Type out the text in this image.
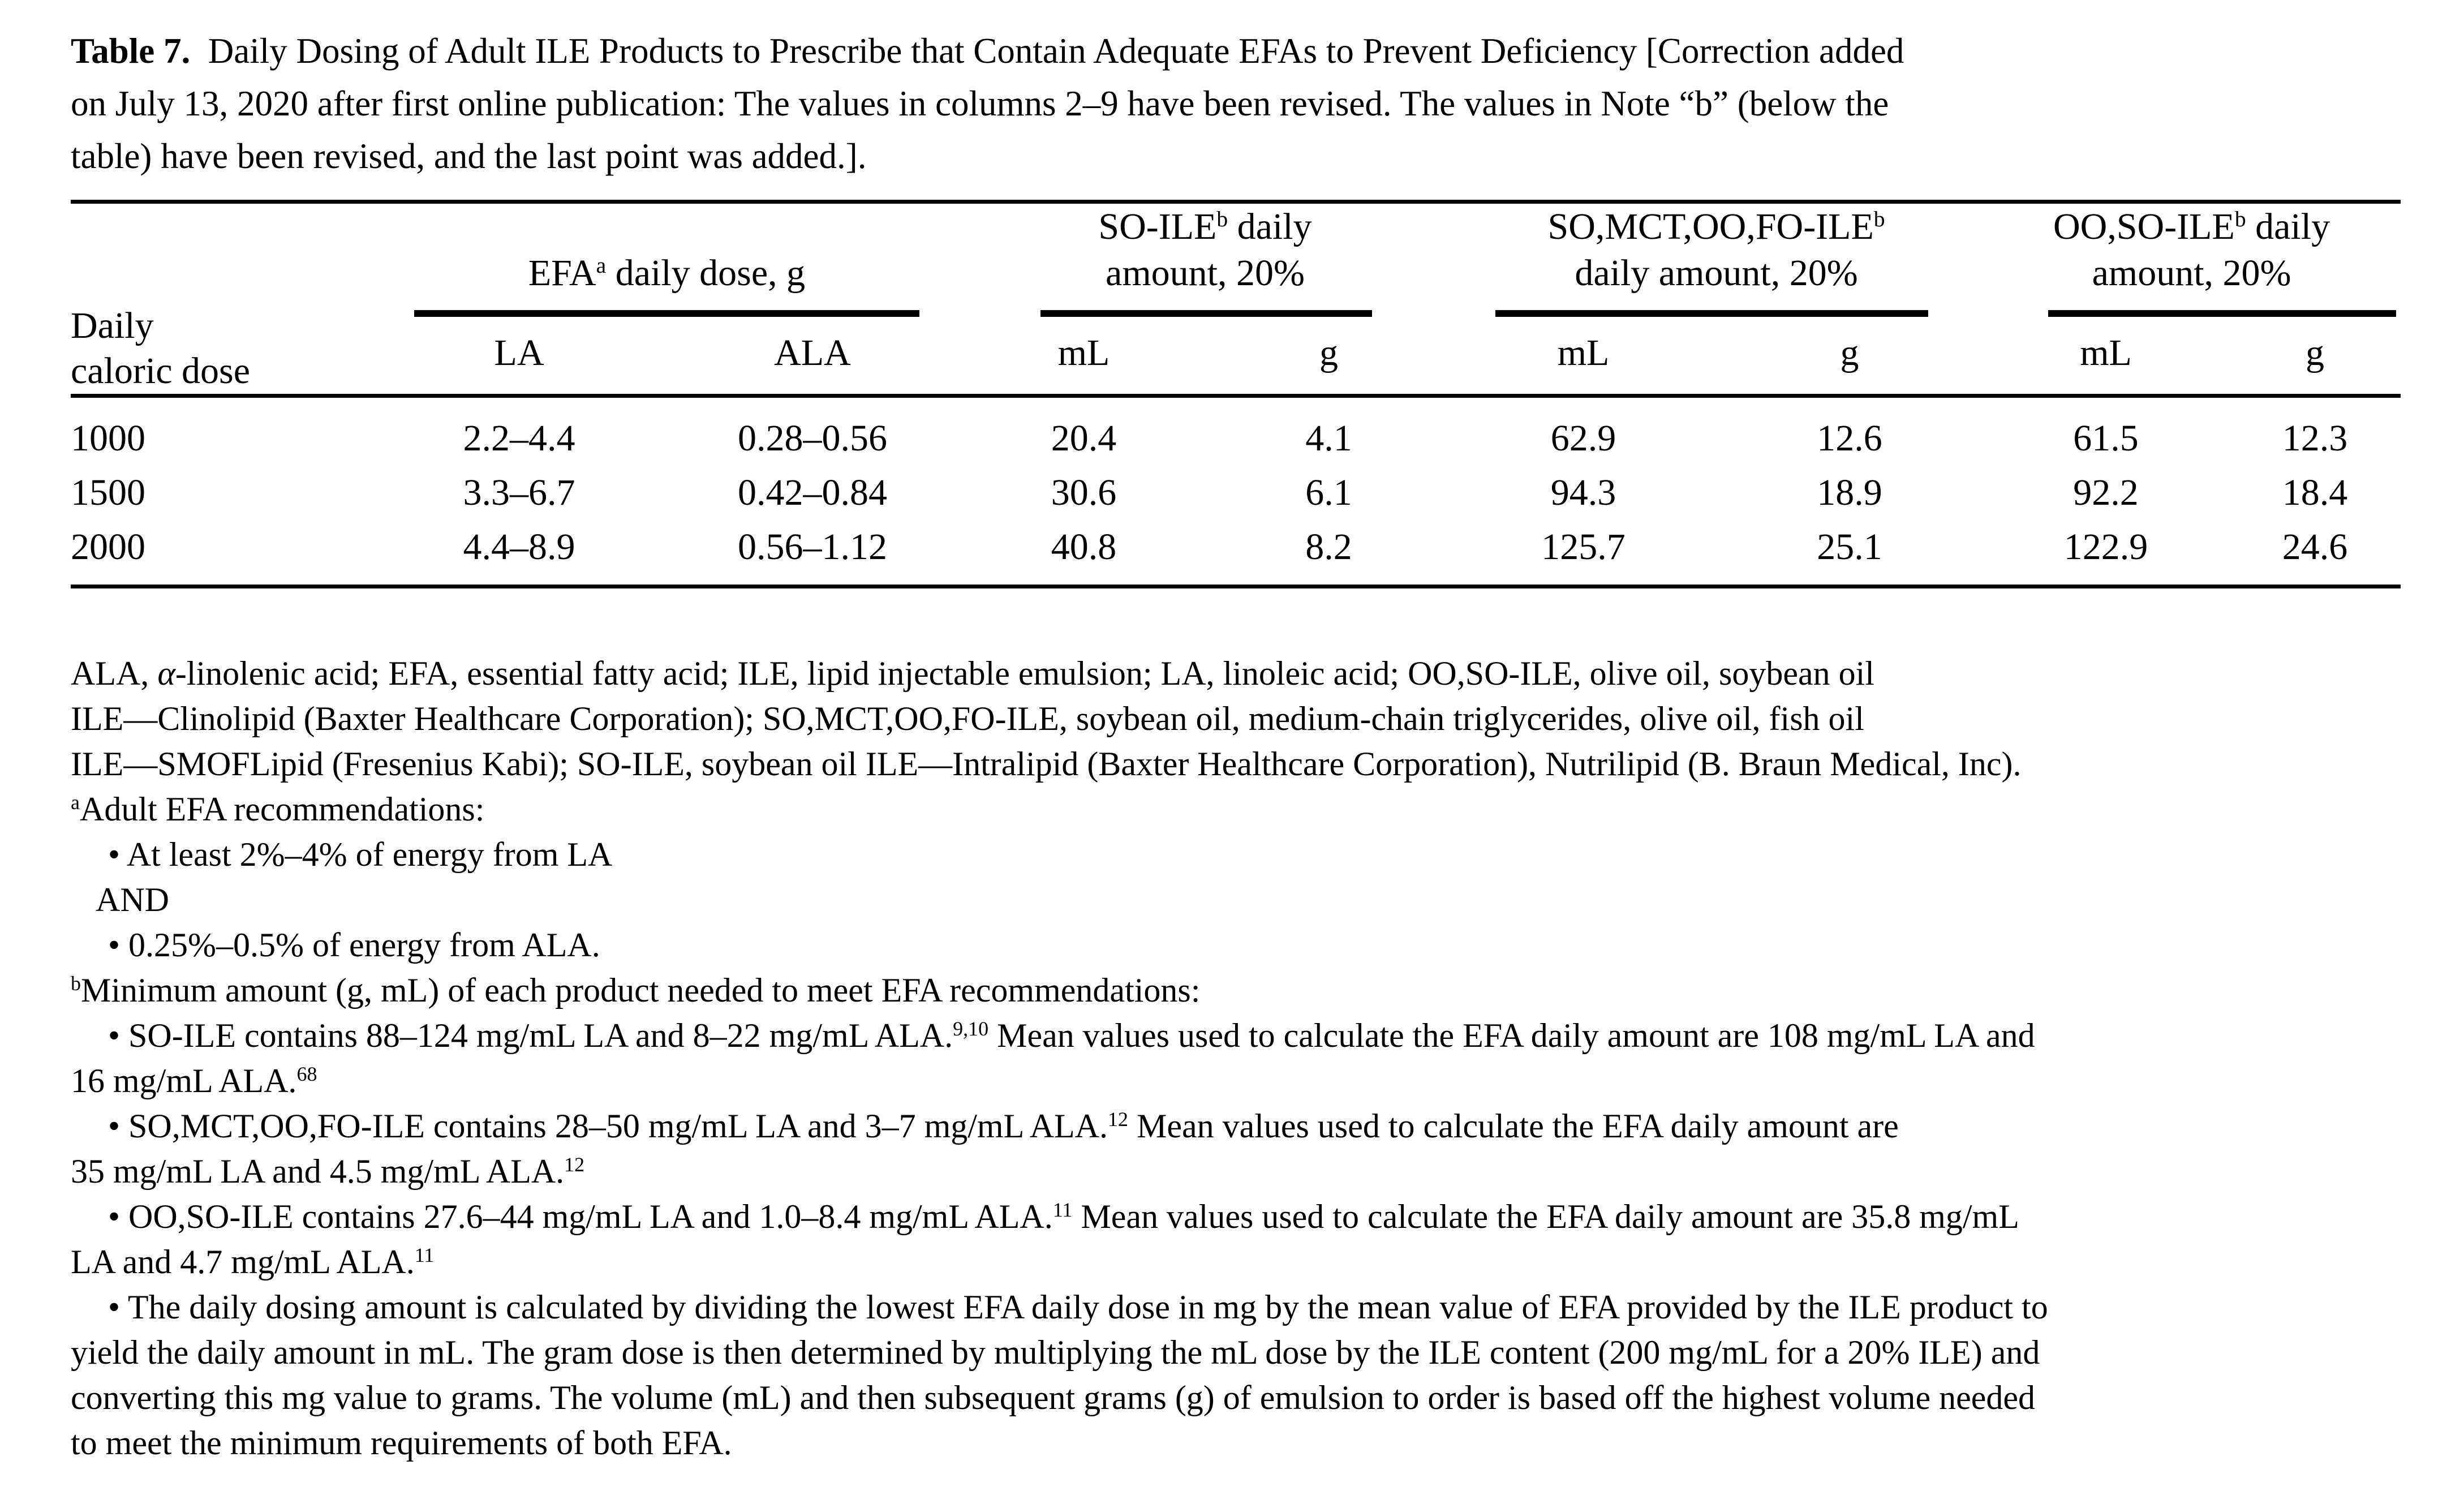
Table 7.  Daily Dosing of Adult ILE Products to Prescribe that Contain Adequate EFAs to Prevent Deficiency [Correction added
on July 13, 2020 after first online publication: The values in columns 2–9 have been revised. The values in Note “b” (below the
table) have been revised, and the last point was added.].
Daily
caloric dose

EFA$^a$ daily dose, g

SO-ILE$^b$ daily
amount, 20%

SO,MCT,OO,FO-ILE$^b$
daily amount, 20%

OO,SO-ILE$^b$ daily
amount, 20%

	LA	ALA	mL	g	mL	g	mL	g
1000	2.2–4.4	0.28–0.56	20.4	4.1	62.9	12.6	61.5	12.3
1500	3.3–6.7	0.42–0.84	30.6	6.1	94.3	18.9	92.2	18.4
2000	4.4–8.9	0.56–1.12	40.8	8.2	125.7	25.1	122.9	24.6
ALA, α-linolenic acid; EFA, essential fatty acid; ILE, lipid injectable emulsion; LA, linoleic acid; OO,SO-ILE, olive oil, soybean oil
ILE—Clinolipid (Baxter Healthcare Corporation); SO,MCT,OO,FO-ILE, soybean oil, medium-chain triglycerides, olive oil, fish oil
ILE—SMOFLipid (Fresenius Kabi); SO-ILE, soybean oil ILE—Intralipid (Baxter Healthcare Corporation), Nutrilipid (B. Braun Medical, Inc).
$^a$Adult EFA recommendations:
• At least 2%–4% of energy from LA
AND
• 0.25%–0.5% of energy from ALA.
$^b$Minimum amount (g, mL) of each product needed to meet EFA recommendations:
• SO-ILE contains 88–124 mg/mL LA and 8–22 mg/mL ALA.$^{9,10}$ Mean values used to calculate the EFA daily amount are 108 mg/mL LA and
16 mg/mL ALA.$^{68}$
• SO,MCT,OO,FO-ILE contains 28–50 mg/mL LA and 3–7 mg/mL ALA.$^{12}$ Mean values used to calculate the EFA daily amount are
35 mg/mL LA and 4.5 mg/mL ALA.$^{12}$
• OO,SO-ILE contains 27.6–44 mg/mL LA and 1.0–8.4 mg/mL ALA.$^{11}$ Mean values used to calculate the EFA daily amount are 35.8 mg/mL
LA and 4.7 mg/mL ALA.$^{11}$
• The daily dosing amount is calculated by dividing the lowest EFA daily dose in mg by the mean value of EFA provided by the ILE product to
yield the daily amount in mL. The gram dose is then determined by multiplying the mL dose by the ILE content (200 mg/mL for a 20% ILE) and
converting this mg value to grams. The volume (mL) and then subsequent grams (g) of emulsion to order is based off the highest volume needed
to meet the minimum requirements of both EFA.
